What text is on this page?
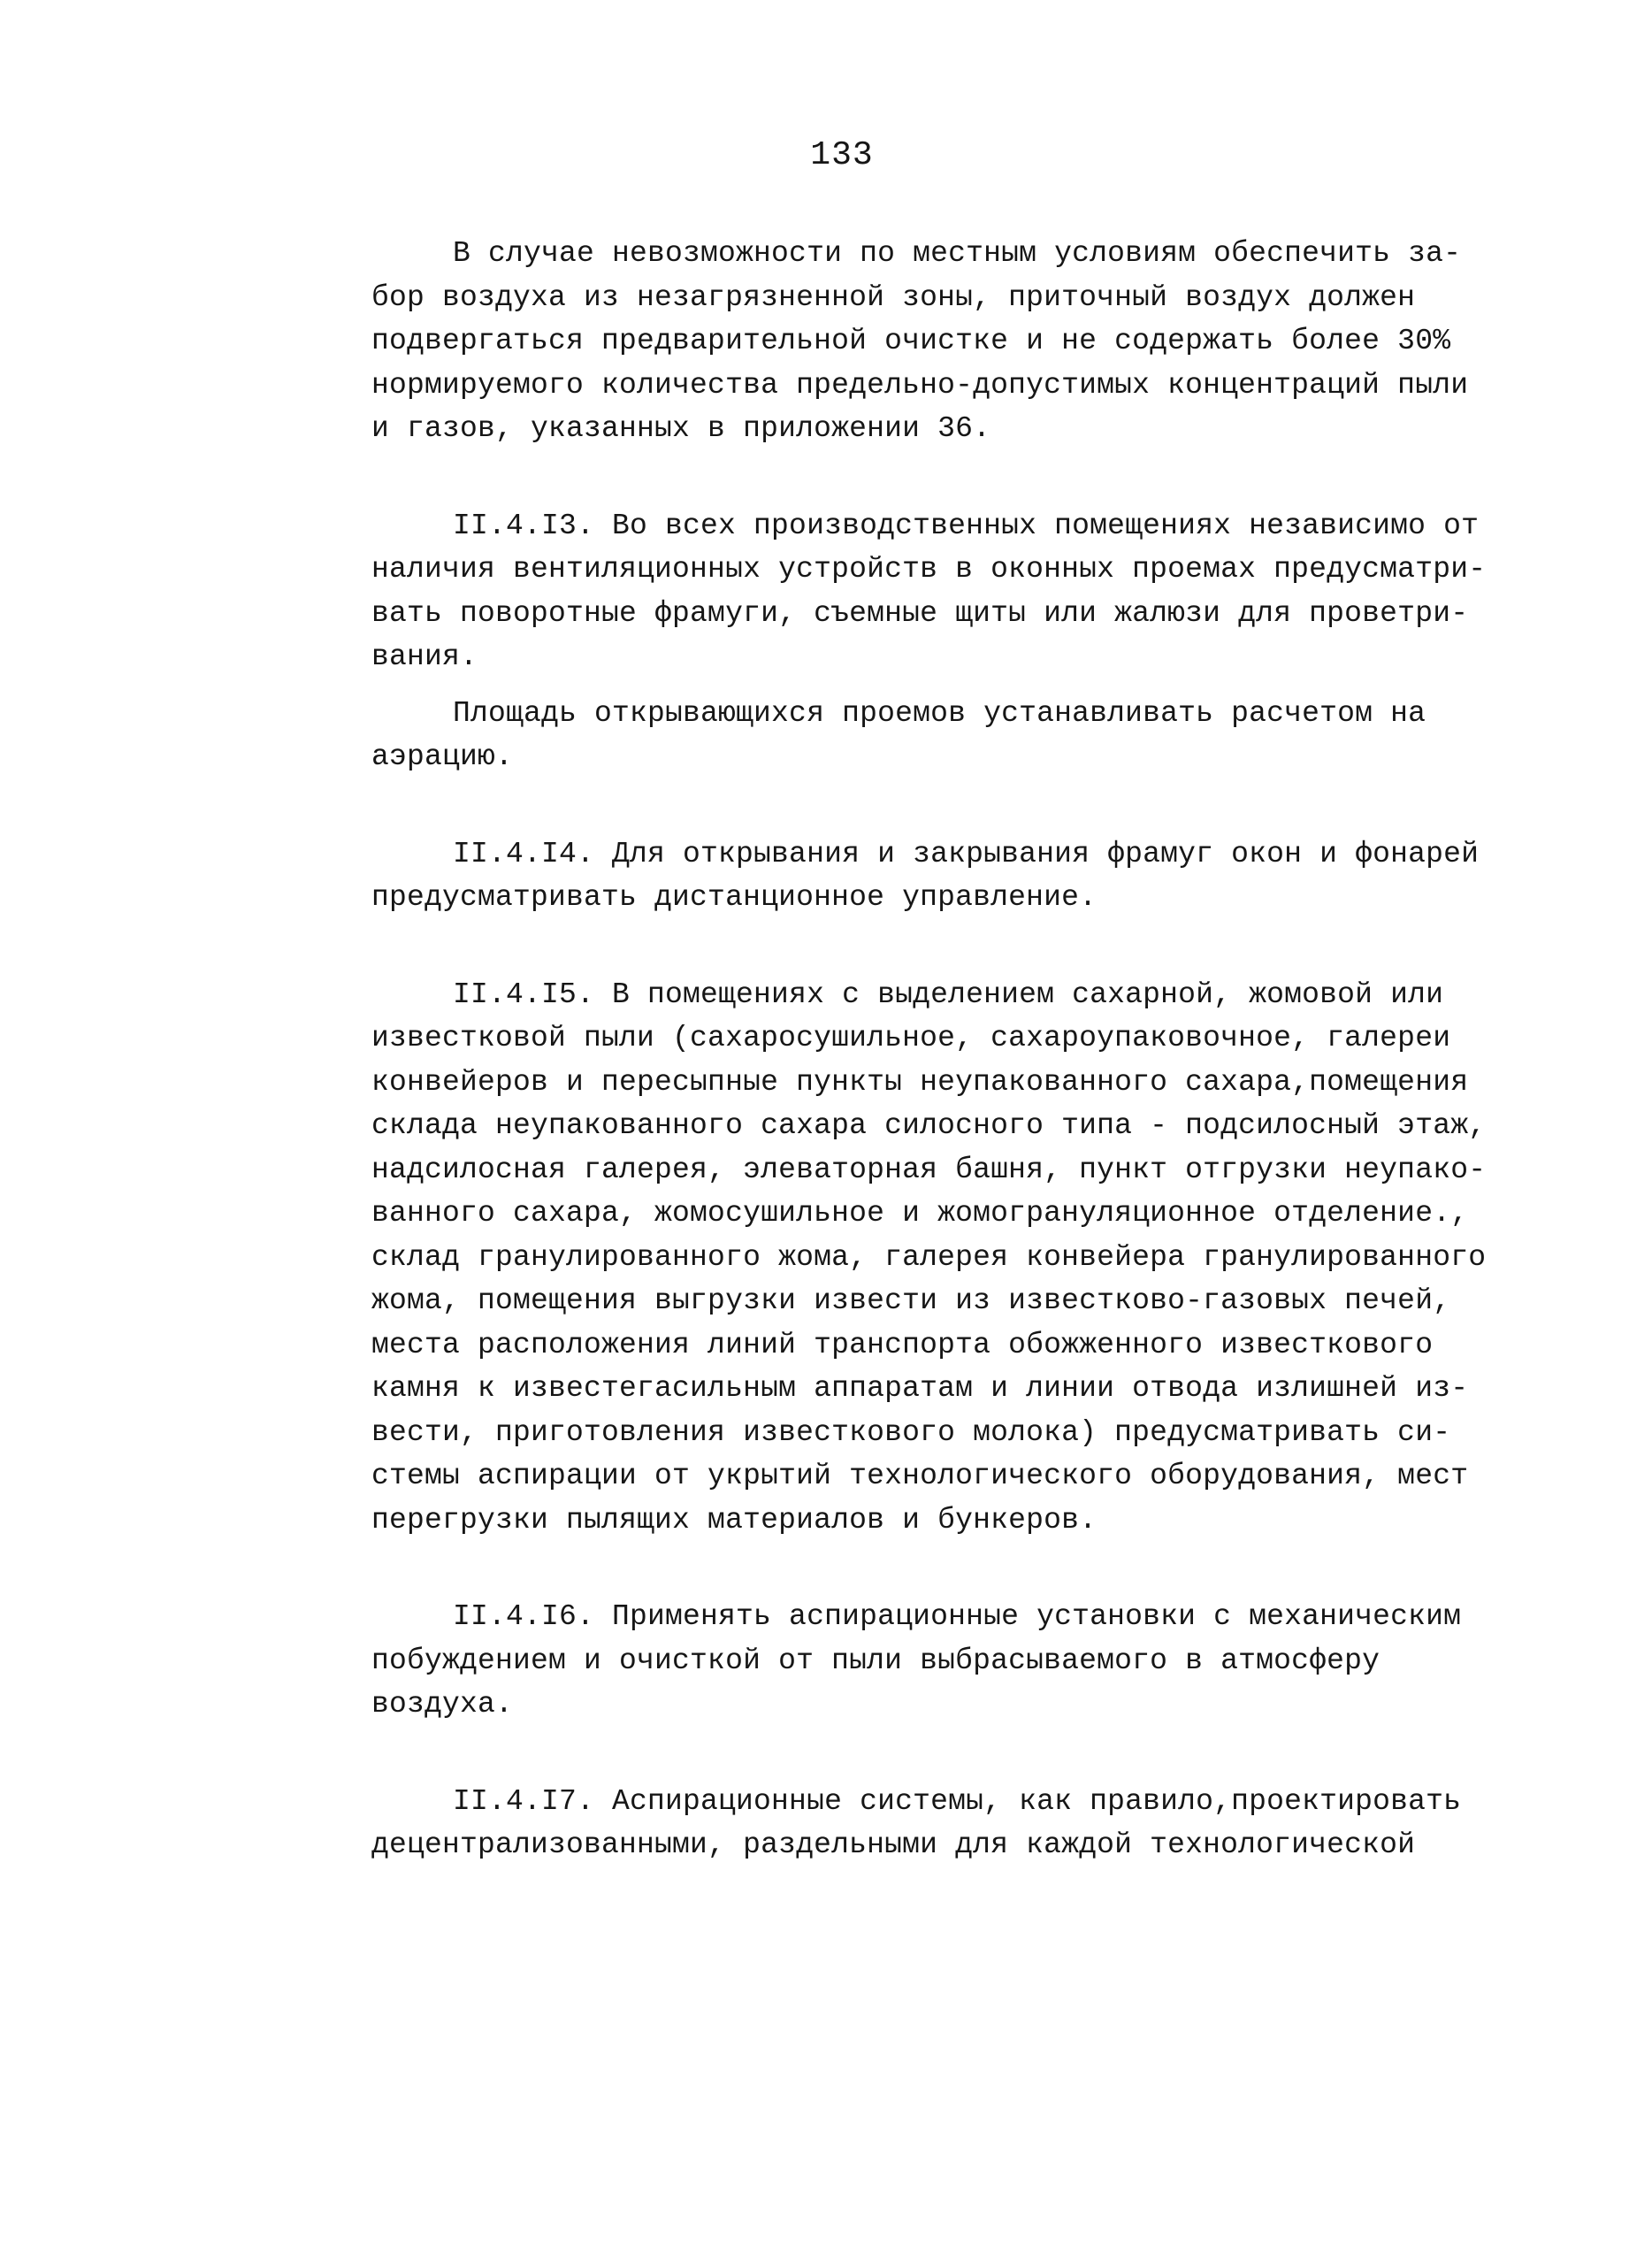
133

В случае невозможности по местным условиям обеспечить за-
бор воздуха из незагрязненной зоны, приточный воздух должен
подвергаться предварительной очистке и не содержать более 30%
нормируемого количества предельно-допустимых концентраций пыли
и газов, указанных в приложении 36.

II.4.I3. Во всех производственных помещениях независимо от
наличия вентиляционных устройств в оконных проемах предусматри-
вать поворотные фрамуги, съемные щиты или жалюзи для проветри-
вания.

Площадь открывающихся проемов устанавливать расчетом на
аэрацию.

II.4.I4. Для открывания и закрывания фрамуг окон и фонарей
предусматривать дистанционное управление.

II.4.I5. В помещениях с выделением сахарной, жомовой или
известковой пыли (сахаросушильное, сахароупаковочное, галереи
конвейеров и пересыпные пункты неупакованного сахара,помещения
склада неупакованного сахара силосного типа - подсилосный этаж,
надсилосная галерея, элеваторная башня, пункт отгрузки неупако-
ванного сахара, жомосушильное и жомогрануляционное отделение.,
склад гранулированного жома, галерея конвейера гранулированного
жома, помещения выгрузки извести из известково-газовых печей,
места расположения линий транспорта обожженного известкового
камня к известегасильным аппаратам и линии отвода излишней из-
вести, приготовления известкового молока) предусматривать си-
стемы аспирации от укрытий технологического оборудования, мест
перегрузки пылящих материалов и бункеров.

II.4.I6. Применять аспирационные установки с механическим
побуждением и очисткой от пыли выбрасываемого в атмосферу
воздуха.

II.4.I7. Аспирационные системы, как правило,проектировать
децентрализованными, раздельными для каждой технологической
